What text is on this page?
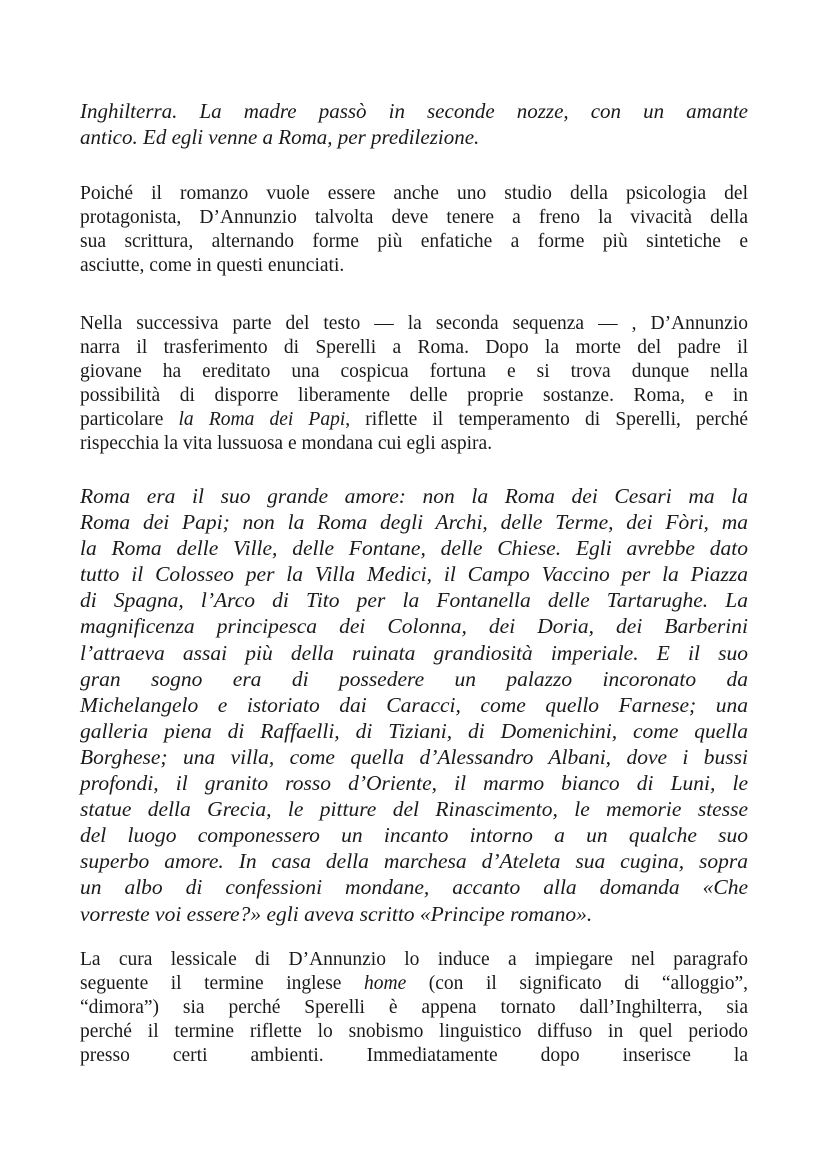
Inghilterra. La madre passò in seconde nozze, con un amante
antico. Ed egli venne a Roma, per predilezione.
Poiché il romanzo vuole essere anche uno studio della psicologia del
protagonista, D’Annunzio talvolta deve tenere a freno la vivacità della
sua scrittura, alternando forme più enfatiche a forme più sintetiche e
asciutte, come in questi enunciati.
Nella successiva parte del testo — la seconda sequenza — , D’Annunzio
narra il trasferimento di Sperelli a Roma. Dopo la morte del padre il
giovane ha ereditato una cospicua fortuna e si trova dunque nella
possibilità di disporre liberamente delle proprie sostanze. Roma, e in
particolare la Roma dei Papi, riflette il temperamento di Sperelli, perché
rispecchia la vita lussuosa e mondana cui egli aspira.
Roma era il suo grande amore: non la Roma dei Cesari ma la
Roma dei Papi; non la Roma degli Archi, delle Terme, dei Fòri, ma
la Roma delle Ville, delle Fontane, delle Chiese. Egli avrebbe dato
tutto il Colosseo per la Villa Medici, il Campo Vaccino per la Piazza
di Spagna, l’Arco di Tito per la Fontanella delle Tartarughe. La
magnificenza principesca dei Colonna, dei Doria, dei Barberini
l’attraeva assai più della ruinata grandiosità imperiale. E il suo
gran sogno era di possedere un palazzo incoronato da
Michelangelo e istoriato dai Caracci, come quello Farnese; una
galleria piena di Raffaelli, di Tiziani, di Domenichini, come quella
Borghese; una villa, come quella d’Alessandro Albani, dove i bussi
profondi, il granito rosso d’Oriente, il marmo bianco di Luni, le
statue della Grecia, le pitture del Rinascimento, le memorie stesse
del luogo componessero un incanto intorno a un qualche suo
superbo amore. In casa della marchesa d’Ateleta sua cugina, sopra
un albo di confessioni mondane, accanto alla domanda «Che
vorreste voi essere?» egli aveva scritto «Principe romano».
La cura lessicale di D’Annunzio lo induce a impiegare nel paragrafo
seguente il termine inglese home (con il significato di “alloggio”,
“dimora”) sia perché Sperelli è appena tornato dall’Inghilterra, sia
perché il termine riflette lo snobismo linguistico diffuso in quel periodo
presso certi ambienti. Immediatamente dopo inserisce la
